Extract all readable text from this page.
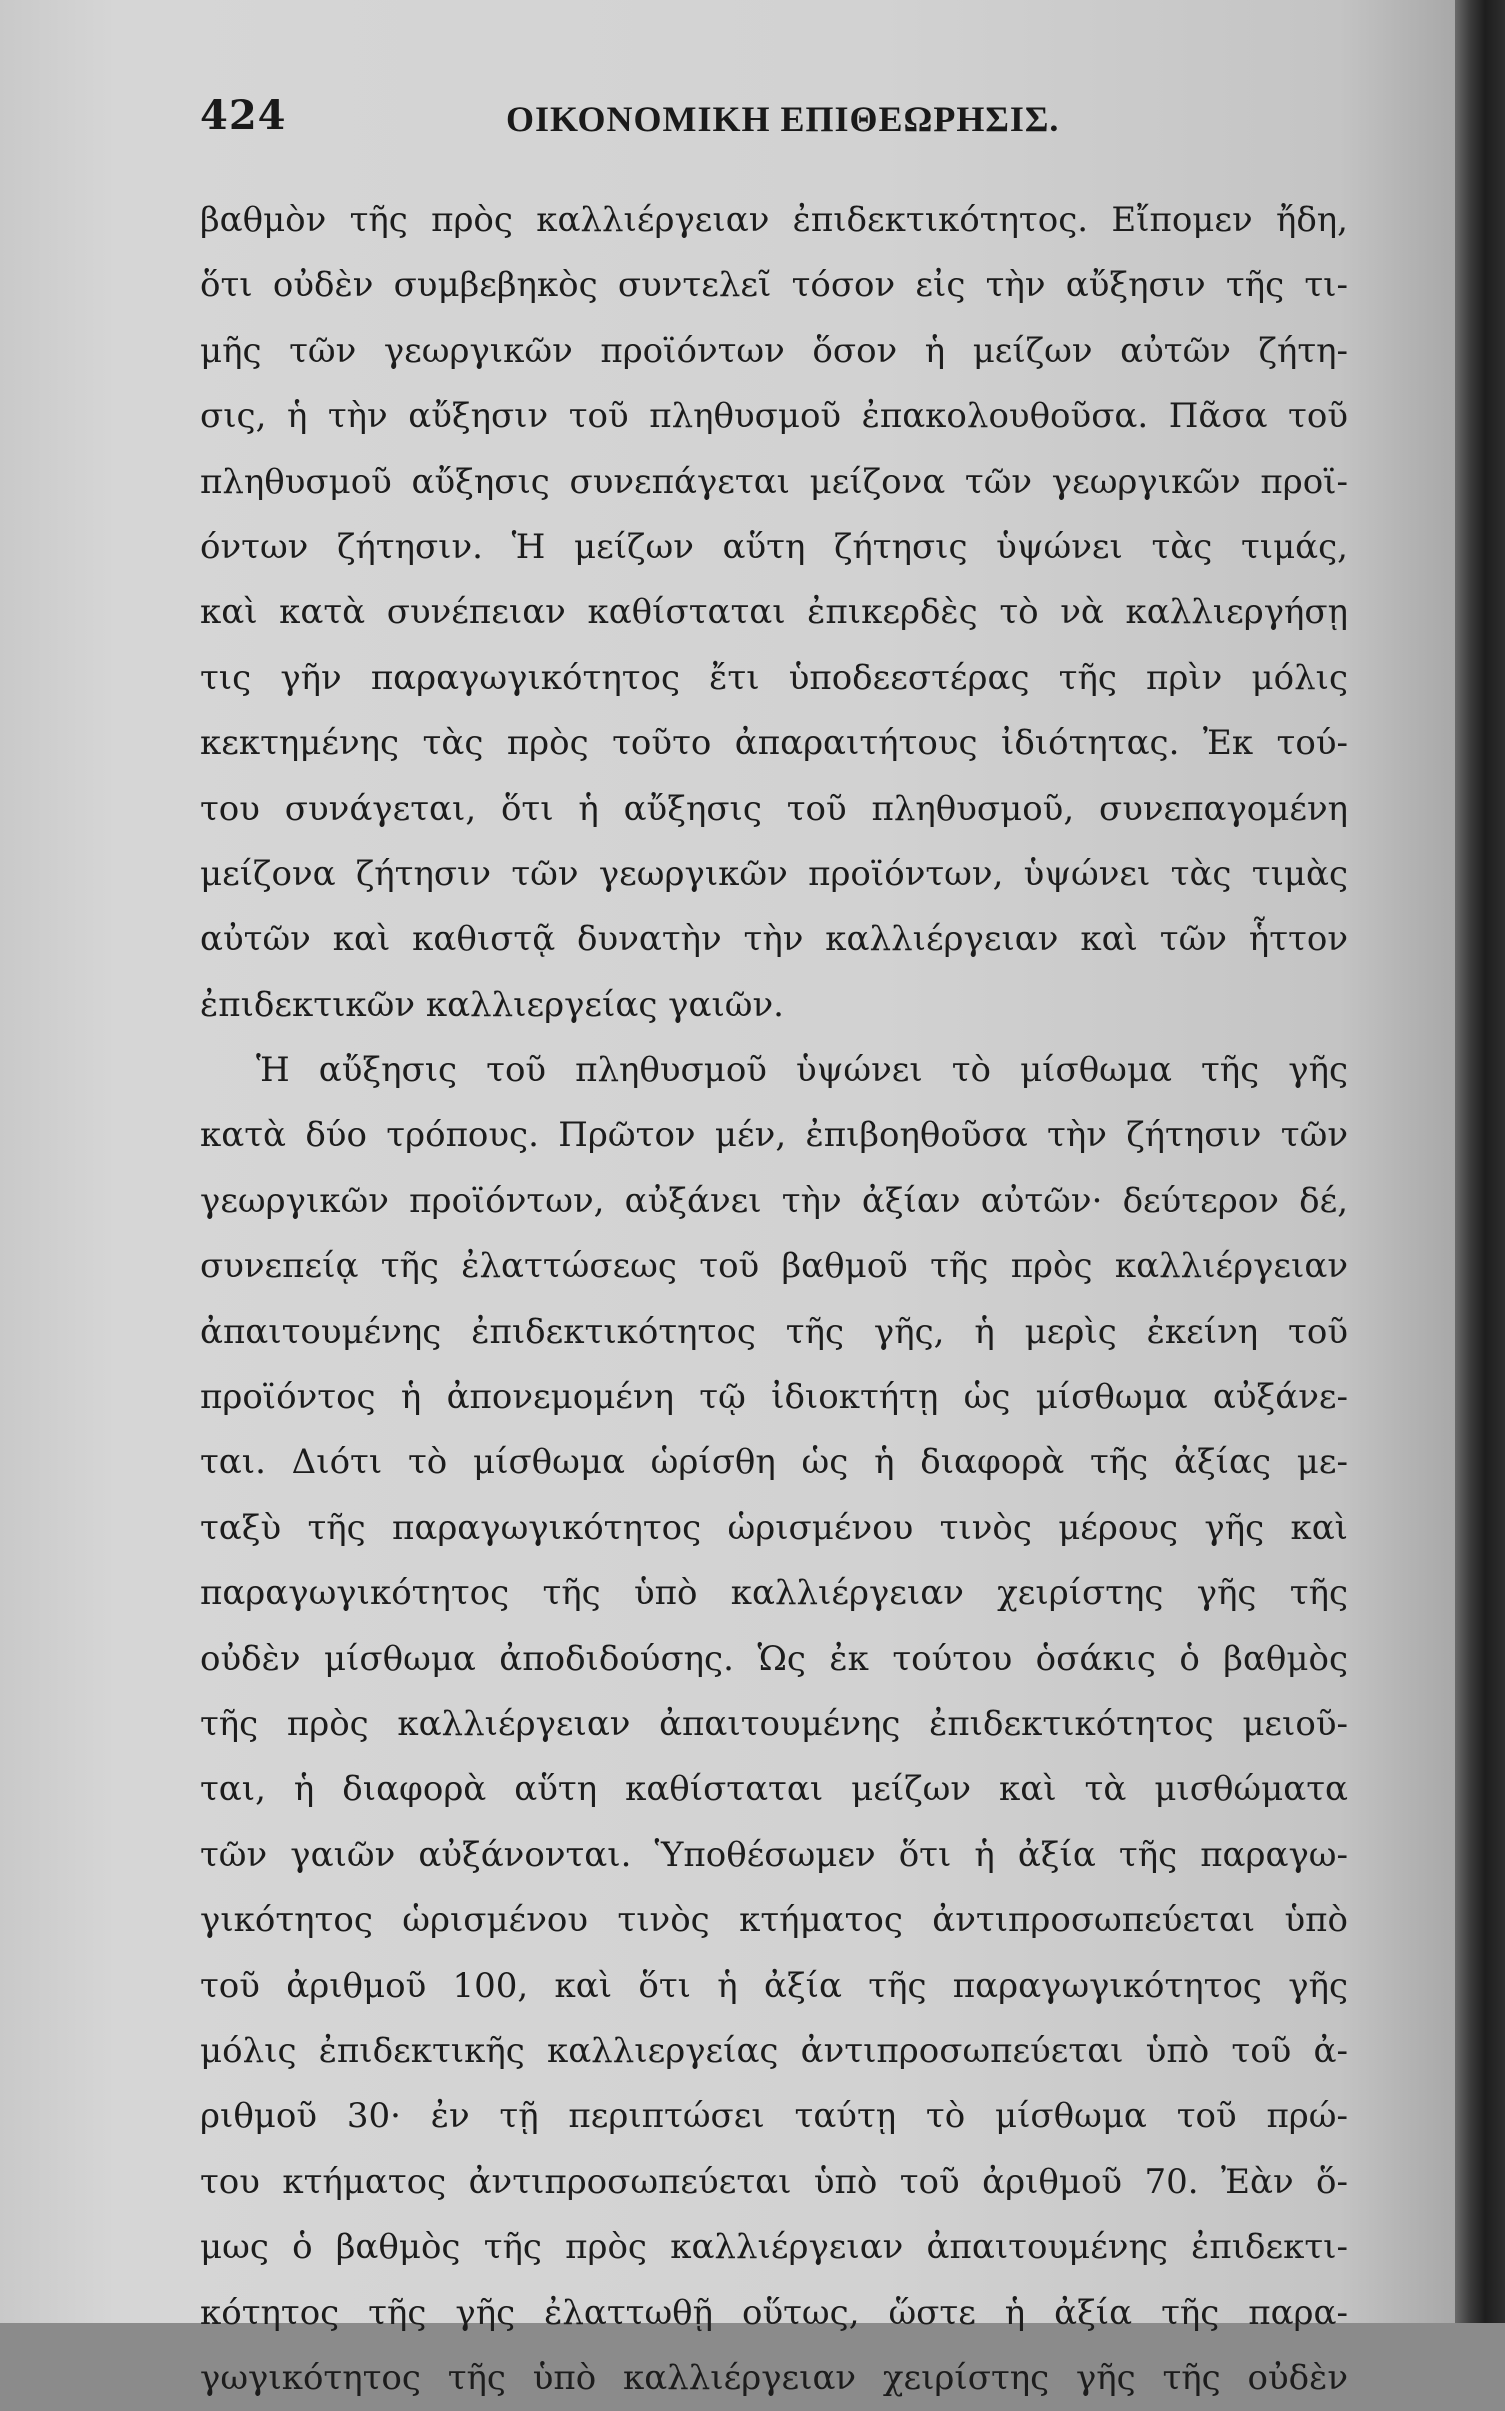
424	ΟΙΚΟΝΟΜΙΚΗ ΕΠΙΘΕΩΡΗΣΙΣ.
βαθμὸν τῆς πρὸς καλλιέργειαν ἐπιδεκτικότητος. Εἴπομεν ἤδη,
ὅτι οὐδὲν συμβεβηκὸς συντελεῖ τόσον εἰς τὴν αὔξησιν τῆς τι-
μῆς τῶν γεωργικῶν προϊόντων ὅσον ἡ μείζων αὐτῶν ζήτη-
σις, ἡ τὴν αὔξησιν τοῦ πληθυσμοῦ ἐπακολουθοῦσα. Πᾶσα τοῦ
πληθυσμοῦ αὔξησις συνεπάγεται μείζονα τῶν γεωργικῶν προϊ-
όντων ζήτησιν. Ἡ μείζων αὕτη ζήτησις ὑψώνει τὰς τιμάς,
καὶ κατὰ συνέπειαν καθίσταται ἐπικερδὲς τὸ νὰ καλλιεργήσῃ
τις γῆν παραγωγικότητος ἔτι ὑποδεεστέρας τῆς πρὶν μόλις
κεκτημένης τὰς πρὸς τοῦτο ἀπαραιτήτους ἰδιότητας. Ἐκ τού-
του συνάγεται, ὅτι ἡ αὔξησις τοῦ πληθυσμοῦ, συνεπαγομένη
μείζονα ζήτησιν τῶν γεωργικῶν προϊόντων, ὑψώνει τὰς τιμὰς
αὐτῶν καὶ καθιστᾷ δυνατὴν τὴν καλλιέργειαν καὶ τῶν ἧττον
ἐπιδεκτικῶν καλλιεργείας γαιῶν.
Ἡ αὔξησις τοῦ πληθυσμοῦ ὑψώνει τὸ μίσθωμα τῆς γῆς
κατὰ δύο τρόπους. Πρῶτον μέν, ἐπιβοηθοῦσα τὴν ζήτησιν τῶν
γεωργικῶν προϊόντων, αὐξάνει τὴν ἀξίαν αὐτῶν· δεύτερον δέ,
συνεπείᾳ τῆς ἐλαττώσεως τοῦ βαθμοῦ τῆς πρὸς καλλιέργειαν
ἀπαιτουμένης ἐπιδεκτικότητος τῆς γῆς, ἡ μερὶς ἐκείνη τοῦ
προϊόντος ἡ ἀπονεμομένη τῷ ἰδιοκτήτῃ ὡς μίσθωμα αὐξάνε-
ται. Διότι τὸ μίσθωμα ὡρίσθη ὡς ἡ διαφορὰ τῆς ἀξίας με-
ταξὺ τῆς παραγωγικότητος ὡρισμένου τινὸς μέρους γῆς καὶ
παραγωγικότητος τῆς ὑπὸ καλλιέργειαν χειρίστης γῆς τῆς
οὐδὲν μίσθωμα ἀποδιδούσης. Ὡς ἐκ τούτου ὁσάκις ὁ βαθμὸς
τῆς πρὸς καλλιέργειαν ἀπαιτουμένης ἐπιδεκτικότητος μειοῦ-
ται, ἡ διαφορὰ αὕτη καθίσταται μείζων καὶ τὰ μισθώματα
τῶν γαιῶν αὐξάνονται. Ὑποθέσωμεν ὅτι ἡ ἀξία τῆς παραγω-
γικότητος ὡρισμένου τινὸς κτήματος ἀντιπροσωπεύεται ὑπὸ
τοῦ ἀριθμοῦ 100, καὶ ὅτι ἡ ἀξία τῆς παραγωγικότητος γῆς
μόλις ἐπιδεκτικῆς καλλιεργείας ἀντιπροσωπεύεται ὑπὸ τοῦ ἀ-
ριθμοῦ 30· ἐν τῇ περιπτώσει ταύτῃ τὸ μίσθωμα τοῦ πρώ-
του κτήματος ἀντιπροσωπεύεται ὑπὸ τοῦ ἀριθμοῦ 70. Ἐὰν ὅ-
μως ὁ βαθμὸς τῆς πρὸς καλλιέργειαν ἀπαιτουμένης ἐπιδεκτι-
κότητος τῆς γῆς ἐλαττωθῇ οὕτως, ὥστε ἡ ἀξία τῆς παρα-
γωγικότητος τῆς ὑπὸ καλλιέργειαν χειρίστης γῆς τῆς οὐδὲν
